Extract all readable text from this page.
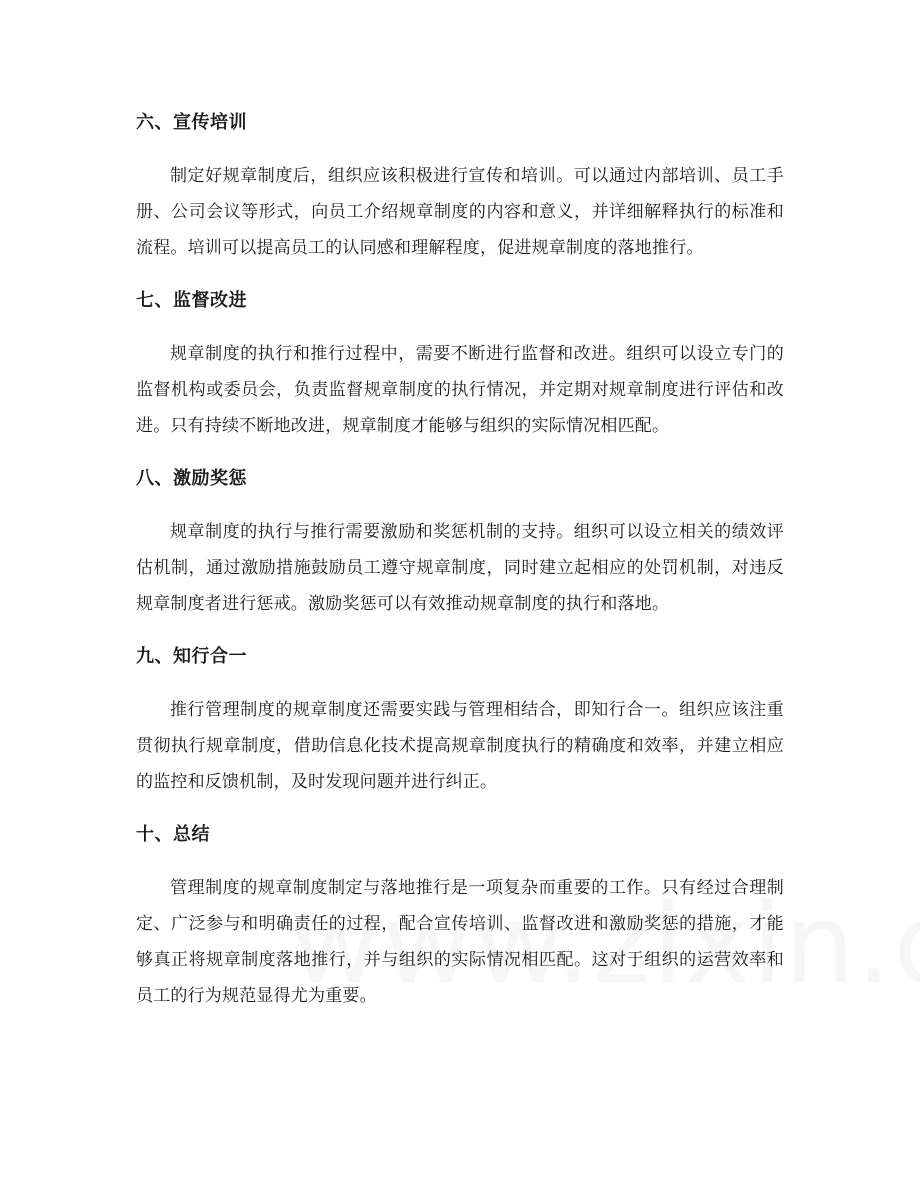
六、宣传培训

制定好规章制度后，组织应该积极进行宣传和培训。可以通过内部培训、员工手册、公司会议等形式，向员工介绍规章制度的内容和意义，并详细解释执行的标准和流程。培训可以提高员工的认同感和理解程度，促进规章制度的落地推行。

七、监督改进

规章制度的执行和推行过程中，需要不断进行监督和改进。组织可以设立专门的监督机构或委员会，负责监督规章制度的执行情况，并定期对规章制度进行评估和改进。只有持续不断地改进，规章制度才能够与组织的实际情况相匹配。

八、激励奖惩

规章制度的执行与推行需要激励和奖惩机制的支持。组织可以设立相关的绩效评估机制，通过激励措施鼓励员工遵守规章制度，同时建立起相应的处罚机制，对违反规章制度者进行惩戒。激励奖惩可以有效推动规章制度的执行和落地。

九、知行合一

推行管理制度的规章制度还需要实践与管理相结合，即知行合一。组织应该注重贯彻执行规章制度，借助信息化技术提高规章制度执行的精确度和效率，并建立相应的监控和反馈机制，及时发现问题并进行纠正。

十、总结

管理制度的规章制度制定与落地推行是一项复杂而重要的工作。只有经过合理制定、广泛参与和明确责任的过程，配合宣传培训、监督改进和激励奖惩的措施，才能够真正将规章制度落地推行，并与组织的实际情况相匹配。这对于组织的运营效率和员工的行为规范显得尤为重要。
